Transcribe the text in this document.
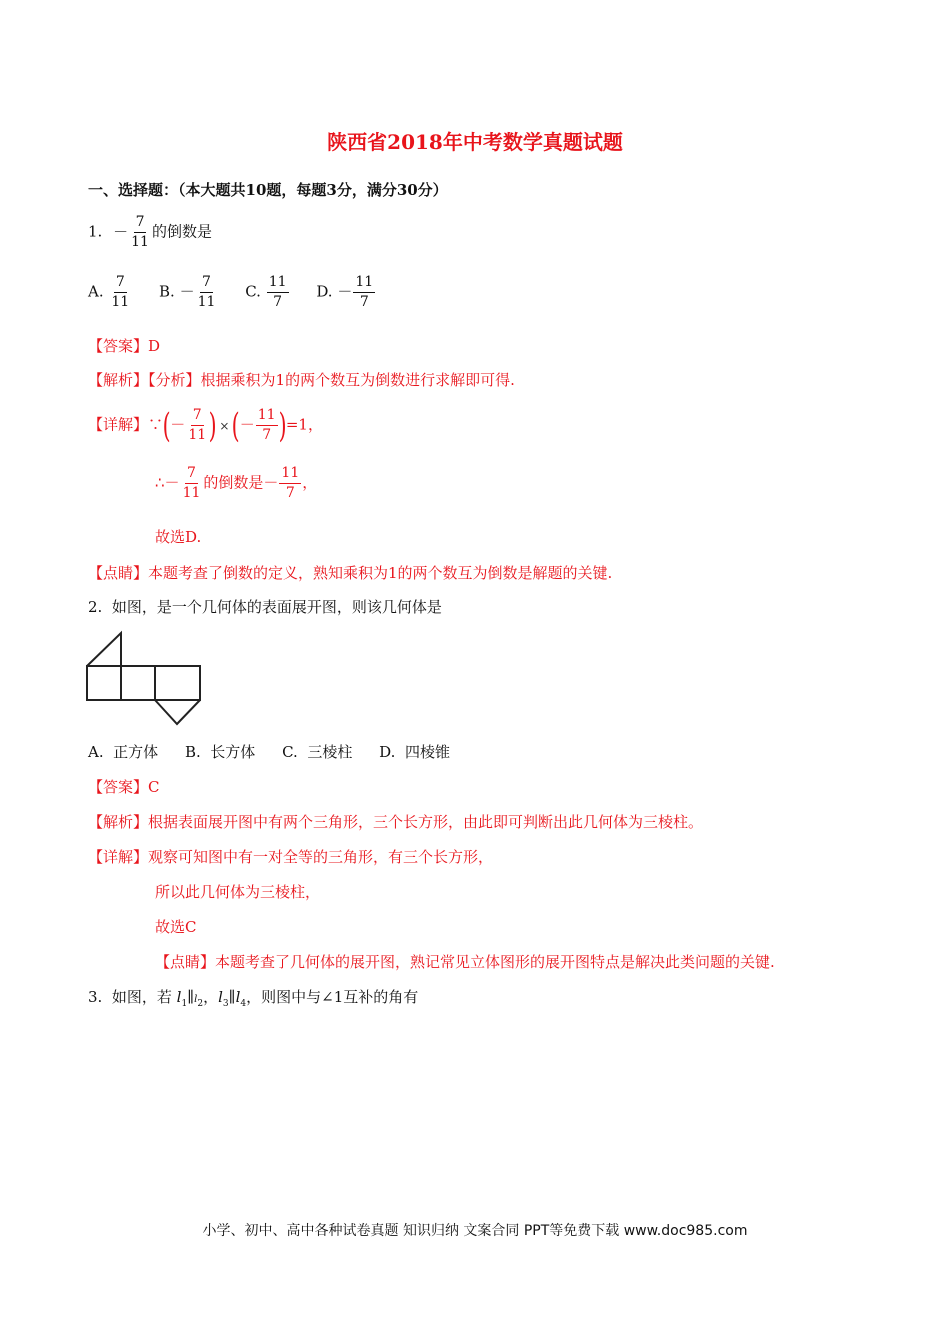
陕西省2018年中考数学真题试题
一、选择题：（本大题共10题，每题3分，满分30分）
1. － $\frac{7}{11}$ 的倒数是
A. $\frac{7}{11} B$. － $\frac{7}{11} C$. $\frac{11}{7} D$. － $\frac{11}{7}$
【答案】D
【解析】【分析】根据乘积为1的两个数互为倒数进行求解即可得.
【详解】∵(－ $\frac{7}{11}$ ) ×(－ $\frac{11}{7} )=1$，
∴－ $\frac{7}{11}$ 的倒数是－ $\frac{11}{7}$ ，
故选D.
【点睛】本题考查了倒数的定义，熟知乘积为1的两个数互为倒数是解题的关键.
2. 如图，是一个几何体的表面展开图，则该几何体是
A. 正方体 B. 长方体 C. 三棱柱 D. 四棱锥
【答案】C
【解析】根据表面展开图中有两个三角形，三个长方形，由此即可判断出此几何体为三棱柱。
【详解】观察可知图中有一对全等的三角形，有三个长方形，
所以此几何体为三棱柱，
故选C
【点睛】本题考查了几何体的展开图，熟记常见立体图形的展开图特点是解决此类问题的关键.
3. 如图，若 $l_1\parallel l_2$，$l_3\parallel l_4$，则图中与∠1互补的角有
小学、初中、高中各种试卷真题 知识归纳 文案合同 PPT等免费下载 www.doc985.com
